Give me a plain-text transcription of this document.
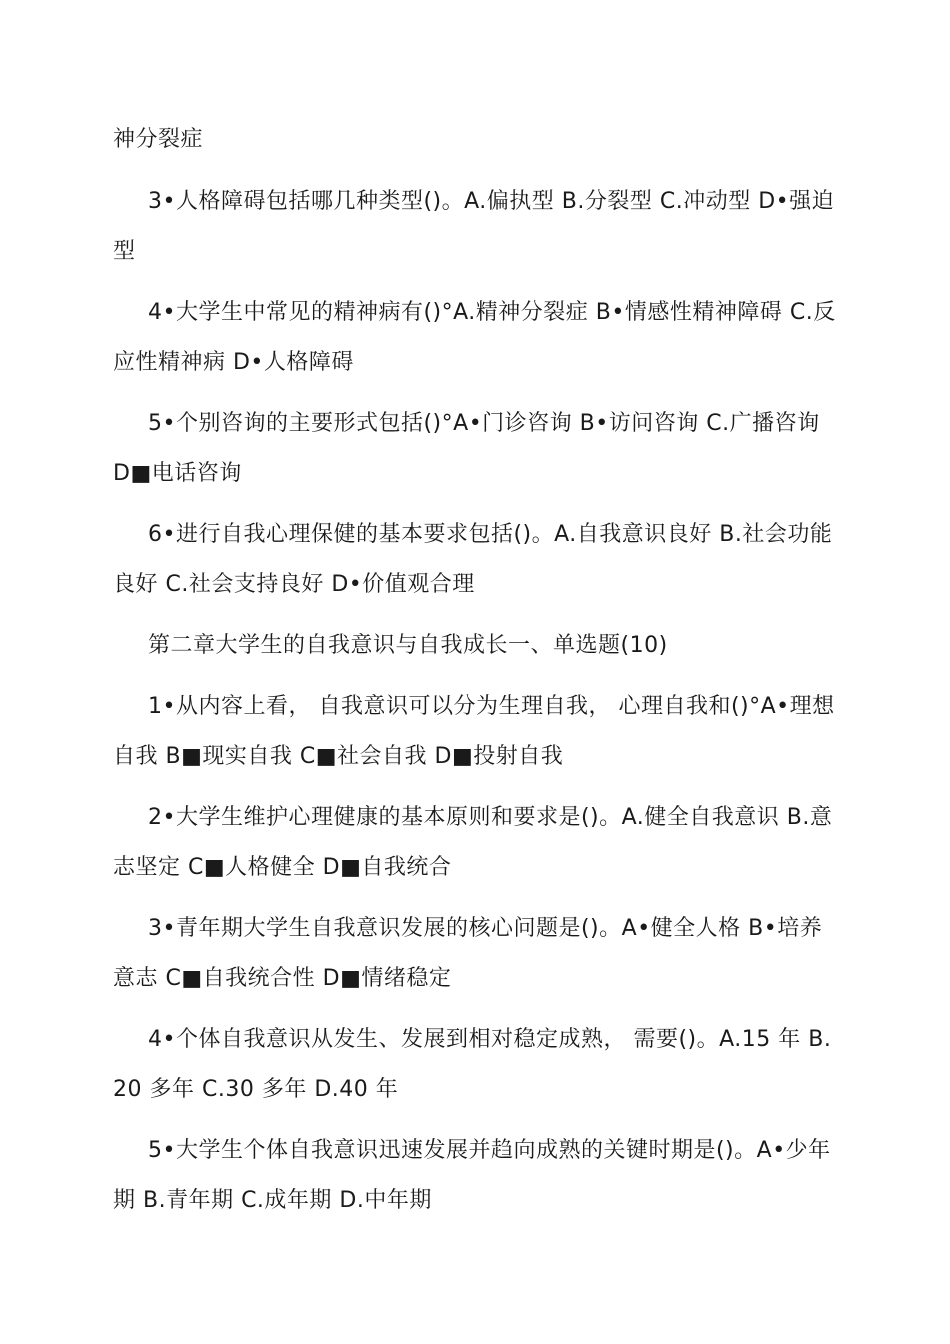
神分裂症

3•人格障碍包括哪几种类型()。A.偏执型 B.分裂型 C.冲动型 D•强迫型

4•大学生中常见的精神病有()°A.精神分裂症 B•情感性精神障碍 C.反应性精神病 D•人格障碍

5•个别咨询的主要形式包括()°A•门诊咨询 B•访问咨询 C.广播咨询 D■电话咨询

6•进行自我心理保健的基本要求包括()。A.自我意识良好 B.社会功能良好 C.社会支持良好 D•价值观合理

第二章大学生的自我意识与自我成长一、单选题(10)

1•从内容上看， 自我意识可以分为生理自我， 心理自我和()°A•理想自我 B■现实自我 C■社会自我 D■投射自我

2•大学生维护心理健康的基本原则和要求是()。A.健全自我意识 B.意志坚定 C■人格健全 D■自我统合

3•青年期大学生自我意识发展的核心问题是()。A•健全人格 B•培养意志 C■自我统合性 D■情绪稳定

4•个体自我意识从发生、发展到相对稳定成熟， 需要()。A.15 年 B.20 多年 C.30 多年 D.40 年

5•大学生个体自我意识迅速发展并趋向成熟的关键时期是()。A•少年期 B.青年期 C.成年期 D.中年期
